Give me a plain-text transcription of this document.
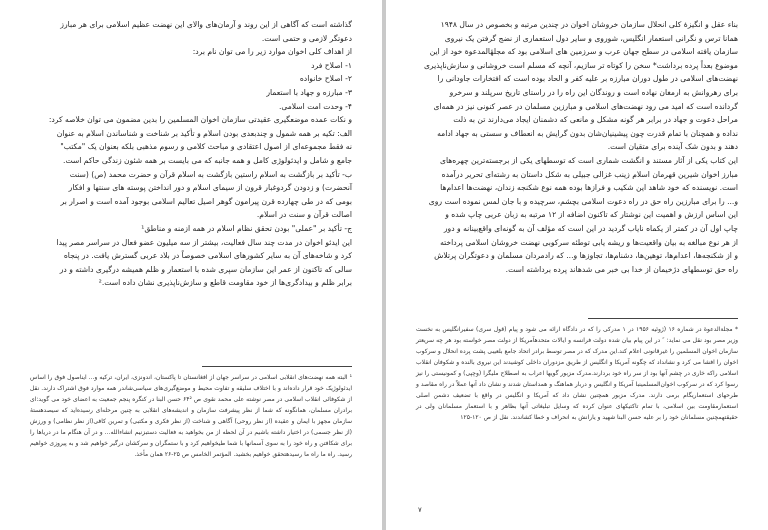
گذاشته است که آگاهی از این روند و آرمان‌های والای این نهضت عظیم اسلامی برای هر مبارز
دعوتگر لازمی و حتمی است.
از اهداف کلی اخوان موارد زیر را می توان نام برد:
۱- اصلاح فرد
۲- اصلاح خانواده
۳- مبارزه و جهاد با استعمار
۴- وحدت امت اسلامی.
و نکات عمده موضعگیری عقیدتی سازمان اخوان المسلمین را بدین مضمون می توان خلاصه کرد:
الف: تکیه بر همه شمول و چندبعدی بودن اسلام و تأکید بر شناخت و شناساندن اسلام به عنوان
نه فقط مجموعه‌ای از اصول اعتقادی و مباحث کلامی و رسوم مذهبی بلکه بعنوان یک "مکتب"
جامع و شامل و ایدئولوژی کامل و همه جانبه که می بایست بر همه شئون زندگی حاکم است.
ب- تأکید بر بازگشت به اسلام راستین بازگشت به اسلام قرآن و حضرت محمد (ص) (سنت
آنحضرت) و زدودن گردوغبار قرون از سیمای اسلام و دور انداختن پوسته های سنتها و افکار
بومی که در طی چهارده قرن پیرامون گوهر اصیل تعالیم اسلامی بوجود آمده است و اصرار بر
اصالت قرآن و سنت در اسلام.
ج- تأکید بر "عملی" بودن تحقق نظام اسلام در همه ازمنه و مناطق¹
این ایدئو اخوان در مدت چند سال فعالیت، بیشتر از سه میلیون عضو فعال در سراسر مصر پیدا
کرد و شاخه‌های آن به سایر کشورهای اسلامی خصوصاً در بلاد عربی گسترش یافت. در پنجاه
سالی که تاکنون از عمر این سازمان سپری شده با استعمار و ظلم همیشه درگیری داشته و در
برابر ظلم و بیدادگری‌ها از خود مقاومت قاطع و سازش‌ناپذیری نشان داده است.²
¹ البته همه نهضت‌های انقلابی اسلامی در سراسر جهان از افغانستان تا پاکستان، اندونزی، ایران، ترکیه و... ایناصول فوق را اساس ایدئولوژیک خود قرار داده‌اند و با اختلاف سلیقه و تفاوت محیط و موضع‌گیری‌های سیاسی‌شاندر همه موارد فوق اشتراک دارند. نقل از شکوفائی انقلاب اسلامی در مصر نوشته علی محمد نقوی ص ۶۴² حسن البنا در کنگره پنجم جمعیت به اعضای خود می گوید:ای برادران مسلمان، همانگونه که شما از نظر پیشرفت سازمان و اندیشه‌های انقلابی به چنین مرحله‌ای رسیده‌اید که سیصدهستهٔ سازمان مجهز با ایمان و عقیده (از نظر روحی) آگاهی و شناخت (از نظر فکری و مکتبی) و تمرین کافی(از نظر نظامی) و ورزش (از نظر جسمی) در اختیار داشته باشیم در آن لحظه از من بخواهید به فعالیت دستبزنیم انشاءالله... و در آن هنگام ما در دریاها را برای شکافتن و راه خود را به سوی آسمانها با شما طیخواهیم کرد و با ستمگران و سرکشان درگیر خواهیم شد و به پیروزی خواهیم رسید. راه ما راه ما رسیدهتحقق خواهیم بخشید. المؤتمر الخامس ص ۲۵-۲۶ همان مأخذ.
بناء عقل و انگیزهٔ کلی انحلال سازمان خروشان اخوان در چندین مرتبه و بخصوص در سال ۱۹۴۸
همانا ترس و نگرانی استعمار انگلیس، شوروی و سایر دول استعماری از نضج گرفتن یک نیروی
سازمان یافته اسلامی در سطح جهان عرب و سرزمین های اسلامی بود که مجلهٔالمدعوة خود از این
موضوع بعداً پرده برداشت* سخن را کوتاه تر سازیم، آنچه که مسلم است خروشانی و سازش‌ناپذیری
نهضت‌های اسلامی در طول دوران مبارزه بر علیه کفر و الحاد بوده است که افتخارات جاودانی را
برای رهروانش به ارمغان نهاده است و روندگان این راه را در راستای تاریخ سرپلند و سرخرو
گردانده است که امید می رود نهضت‌های اسلامی و مبارزین مسلمان در عصر کنونی نیز در همه‌ای
مراحل دعوت و جهاد در برابر هر گونه مشکل و مانعی که دشمنان ایجاد می‌دارند تن به ذلت
نداده و همچنان با تمام قدرت چون پیشینیان‌شان بدون گرایش به انعطاف و سستی به جهاد ادامه
دهند و بدون شک آینده برای متقیان است.
این کتاب یکی از آثار مستند و انگشت شماری است که توسطهای یکی از برجسته‌ترین چهره‌های
مبارز اخوان شیرین قهرمان اسلام زینب غزالی جبیلی به شکل داستان به رشته‌ای تحریر درآمده
است. نویسنده که خود شاهد این شکیب و فرازها بوده همه نوع شکنجه زندان، نهضت‌ها اعدام‌ها
و... را برای مبارزین راه حق در راه دعوت اسلامی بچشم، سرچیده و با جان لمس نموده است روی
این اساس ارزش و اهمیت این نوشتار که تاکنون اضافه از ۱۲ مرتبه به زبان عربی چاپ شده و
چاپ اول آن در کمتر از یکماه نایاب گردید در این است که مؤلف آن به گونه‌ای واقع‌بینانه و دور
از هر نوع مبالغه به بیان واقعیت‌ها و ریشه یابی توطئه سرکوبی نهضت خروشان اسلامی پرداخته
و از شکنجه‌ها، اعدام‌ها، توهین‌ها، دشنام‌ها، تجاوزها و... که رادمردان مسلمان و دعوتگران پرتلاش
راه حق توسطهای دژخیمان از خدا بی خبر می شدهاند پرده برداشته است.
* مجلةالدعوة در شماره ۱۶ (ژوئیه ۱۹۵۶ در ۱ مدرکی را که در دادگاه ارائه می شود و پیام (قول سری) سفیرانگلیس به نخست وزیر مصر بود نقل می نماید: ″ در این پیام بیان شده دولت فرانسه و ایالات متحدهآمریکا از دولت مصر خواسته بود هر چه سریعتر سازمان اخوان المسلمین را غیرقانونی اعلام کند.این مدرک که در مصر توسط برادر اتحاد جامع بلعیبی پشت پرده انحلال و سرکوب اخوان را افشا می کرد و نشانداد که چگونه آمریکا و انگلیس از طریق مزدوران داخلی کوشیدند این نیروی بالنده و شکوفان انقلاب اسلامی راکه خاری در چشم آنها بود از سر راه خود بردارند.مدرک مزبور گویها اعراب به اصطلاح ملیگرا (وچپی) و کمونیستی را نیز رسوا کرد که در سرکوب اخوان‌المسلمینبا آمریکا و انگلیس و دربار هماهنگ و همداستان شدند و نشان داد آنها عملاً در راه مقاصد و طرحهای استعماریگام برمی دارند. مدرک مزبور همچنین نشان داد که آمریکا و انگلیس در واقع با تضعیف دشمن اصلی استعمارمقاومت بین اسلامی، با تمام تاکتیکهای عنوان کرده که وسایل تبلیغاتی آنها بظاهر و با استعمار مسلمانان ولی در حقیقتهمچنین مسلمانان خود را بر علیه حسن البنا شهید و یارانش به انحراف و خطا کشاندند. نقل از ص ۱۲۰-۱۲۵
۷
